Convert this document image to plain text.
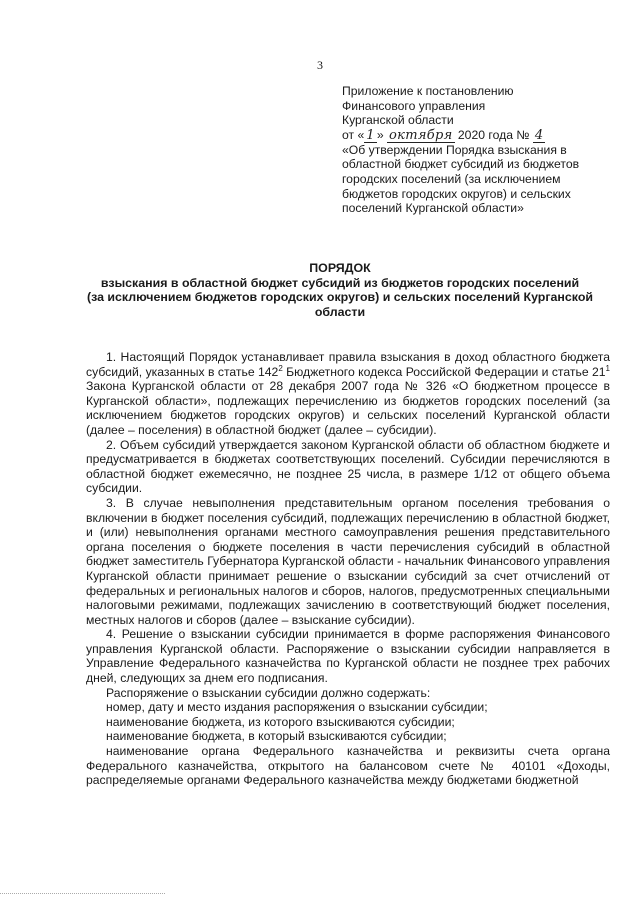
3
Приложение к постановлению
Финансового управления
Курганской области
от « 1 » октября 2020 года № 4
«Об утверждении Порядка взыскания в
областной бюджет субсидий из бюджетов
городских поселений (за исключением
бюджетов городских округов) и сельских
поселений Курганской области»
ПОРЯДОК
взыскания в областной бюджет субсидий из бюджетов городских поселений
(за исключением бюджетов городских округов) и сельских поселений Курганской
области

1. Настоящий Порядок устанавливает правила взыскания в доход областного бюджета субсидий, указанных в статье $142^2$ Бюджетного кодекса Российской Федерации и статье $21^1$ Закона Курганской области от 28 декабря 2007 года № 326 «О бюджетном процессе в Курганской области», подлежащих перечислению из бюджетов городских поселений (за исключением бюджетов городских округов) и сельских поселений Курганской области (далее – поселения) в областной бюджет (далее – субсидии).

2. Объем субсидий утверждается законом Курганской области об областном бюджете и предусматривается в бюджетах соответствующих поселений. Субсидии перечисляются в областной бюджет ежемесячно, не позднее 25 числа, в размере 1/12 от общего объема субсидии.

3. В случае невыполнения представительным органом поселения требования о включении в бюджет поселения субсидий, подлежащих перечислению в областной бюджет, и (или) невыполнения органами местного самоуправления решения представительного органа поселения о бюджете поселения в части перечисления субсидий в областной бюджет заместитель Губернатора Курганской области - начальник Финансового управления Курганской области принимает решение о взыскании субсидий за счет отчислений от федеральных и региональных налогов и сборов, налогов, предусмотренных специальными налоговыми режимами, подлежащих зачислению в соответствующий бюджет поселения, местных налогов и сборов (далее – взыскание субсидии).

4. Решение о взыскании субсидии принимается в форме распоряжения Финансового управления Курганской области. Распоряжение о взыскании субсидии направляется в Управление Федерального казначейства по Курганской области не позднее трех рабочих дней, следующих за днем его подписания.

Распоряжение о взыскании субсидии должно содержать:

номер, дату и место издания распоряжения о взыскании субсидии;

наименование бюджета, из которого взыскиваются субсидии;

наименование бюджета, в который взыскиваются субсидии;

наименование органа Федерального казначейства и реквизиты счета органа Федерального казначейства, открытого на балансовом счете № 40101 «Доходы, распределяемые органами Федерального казначейства между бюджетами бюджетной
